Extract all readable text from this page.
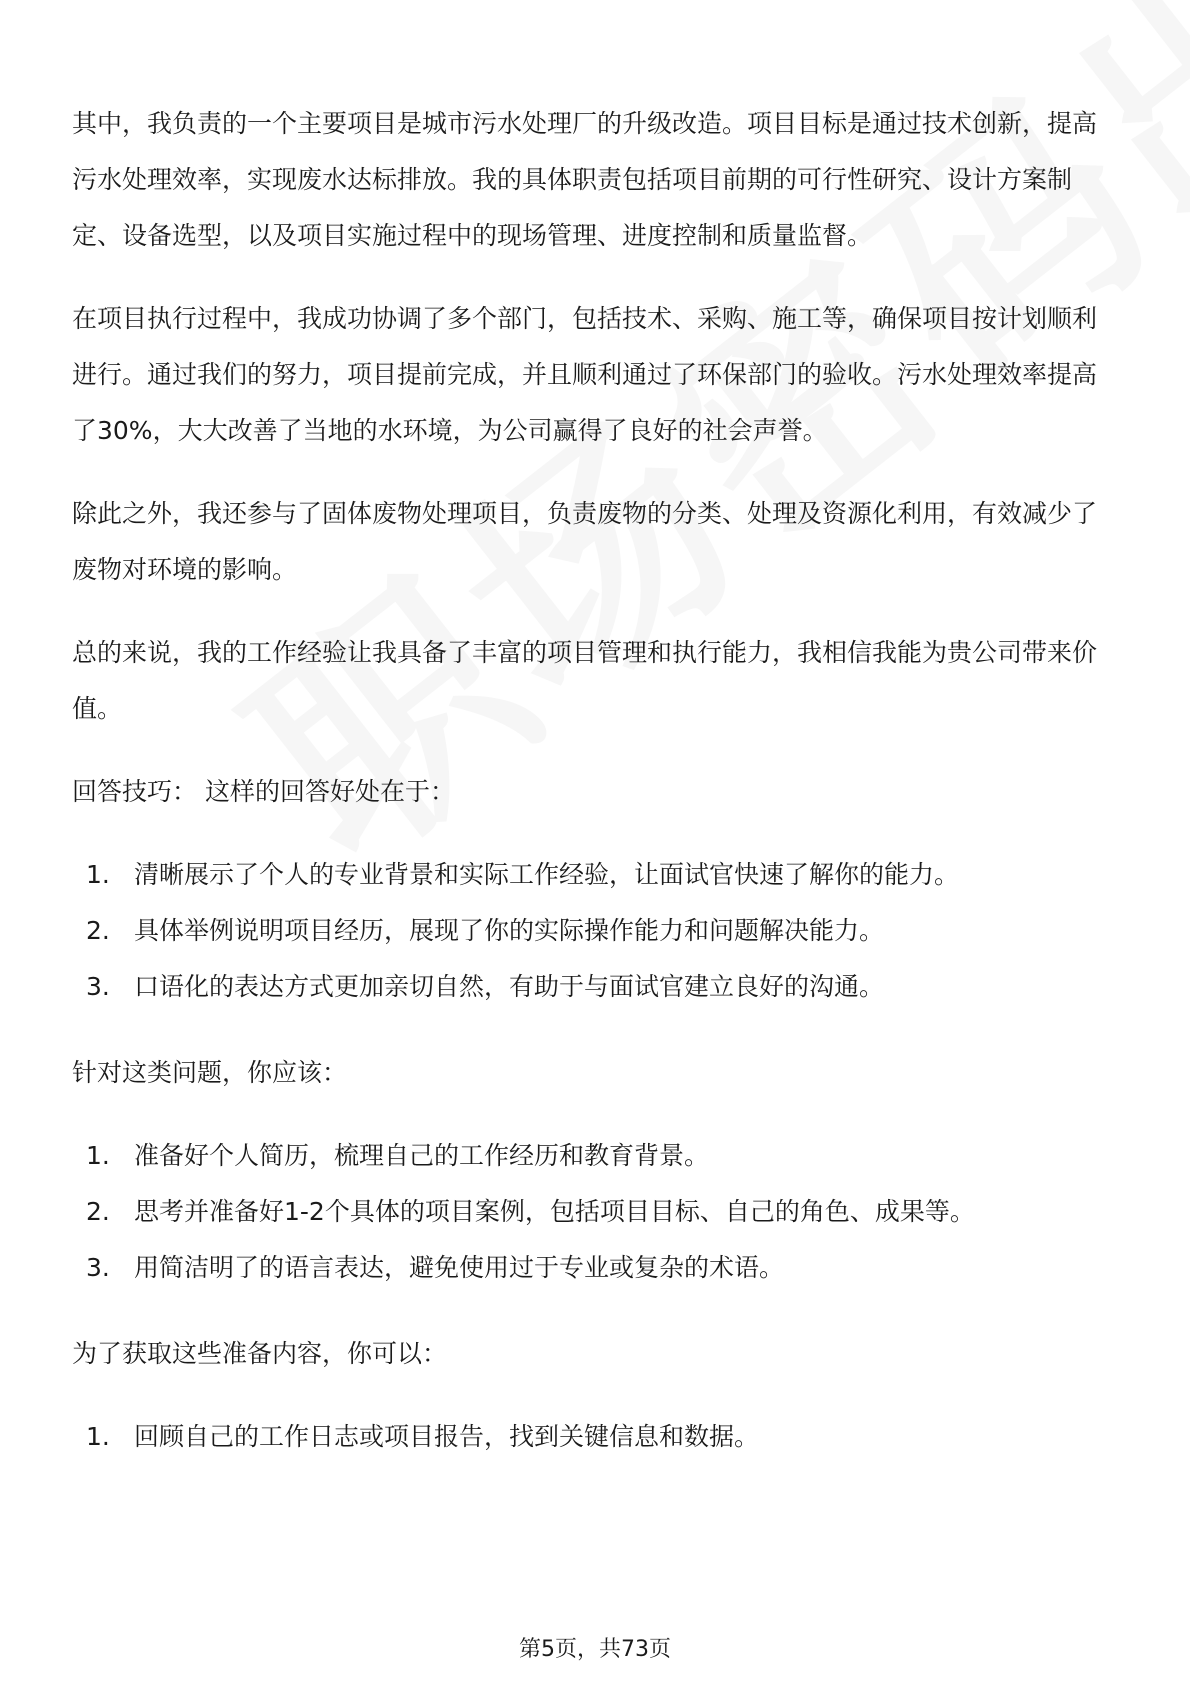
其中，我负责的一个主要项目是城市污水处理厂的升级改造。项目目标是通过技术创新，提高污水处理效率，实现废水达标排放。我的具体职责包括项目前期的可行性研究、设计方案制定、设备选型，以及项目实施过程中的现场管理、进度控制和质量监督。

在项目执行过程中，我成功协调了多个部门，包括技术、采购、施工等，确保项目按计划顺利进行。通过我们的努力，项目提前完成，并且顺利通过了环保部门的验收。污水处理效率提高了30%，大大改善了当地的水环境，为公司赢得了良好的社会声誉。

除此之外，我还参与了固体废物处理项目，负责废物的分类、处理及资源化利用，有效减少了废物对环境的影响。

总的来说，我的工作经验让我具备了丰富的项目管理和执行能力，我相信我能为贵公司带来价值。

回答技巧： 这样的回答好处在于：

1. 清晰展示了个人的专业背景和实际工作经验，让面试官快速了解你的能力。
2. 具体举例说明项目经历，展现了你的实际操作能力和问题解决能力。
3. 口语化的表达方式更加亲切自然，有助于与面试官建立良好的沟通。

针对这类问题，你应该：

1. 准备好个人简历，梳理自己的工作经历和教育背景。
2. 思考并准备好1-2个具体的项目案例，包括项目目标、自己的角色、成果等。
3. 用简洁明了的语言表达，避免使用过于专业或复杂的术语。

为了获取这些准备内容，你可以：

1. 回顾自己的工作日志或项目报告，找到关键信息和数据。
第5页，共73页
